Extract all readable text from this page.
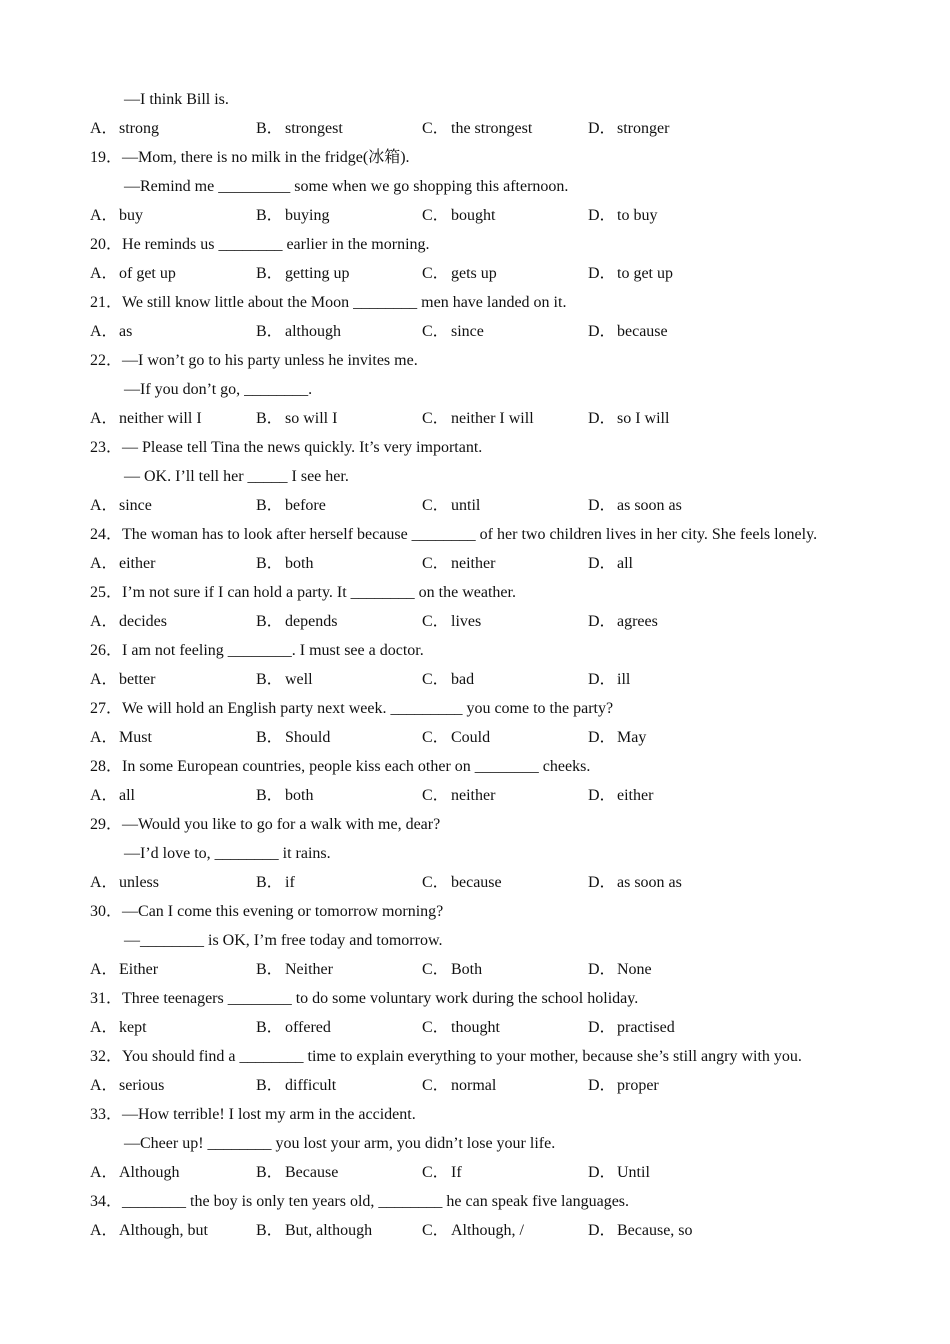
—I think Bill is.
A．strong	B． strongest	C． the strongest	D．stronger
19．—Mom, there is no milk in the fridge(冰箱).
—Remind me _________ some when we go shopping this afternoon.
A．buy	B． buying	C． bought	D．to buy
20．He reminds us ________ earlier in the morning.
A．of get up	B． getting up	C． gets up	D．to get up
21．We still know little about the Moon ________ men have landed on it.
A．as	B． although	C． since	D．because
22．—I won’t go to his party unless he invites me.
—If you don’t go, ________.
A．neither will I	B． so will I	C． neither I will	D．so I will
23．— Please tell Tina the news quickly. It’s very important.
— OK. I’ll tell her _____ I see her.
A．since	B． before	C． until	D．as soon as
24．The woman has to look after herself because ________ of her two children lives in her city. She feels lonely.
A．either	B． both	C． neither	D．all
25．I’m not sure if I can hold a party. It ________ on the weather.
A．decides	B． depends	C． lives	D．agrees
26．I am not feeling ________. I must see a doctor.
A．better	B． well	C． bad	D．ill
27．We will hold an English party next week. _________ you come to the party?
A．Must	B． Should	C． Could	D．May
28．In some European countries, people kiss each other on ________ cheeks.
A．all	B． both	C． neither	D．either
29．—Would you like to go for a walk with me, dear?
—I’d love to, ________ it rains.
A．unless	B． if	C． because	D．as soon as
30．—Can I come this evening or tomorrow morning?
—________ is OK, I’m free today and tomorrow.
A．Either	B． Neither	C． Both	D．None
31．Three teenagers ________ to do some voluntary work during the school holiday.
A．kept	B． offered	C． thought	D．practised
32．You should find a ________ time to explain everything to your mother, because she’s still angry with you.
A．serious	B． difficult	C． normal	D．proper
33．—How terrible! I lost my arm in the accident.
—Cheer up! ________ you lost your arm, you didn’t lose your life.
A．Although	B． Because	C． If	D．Until
34．________ the boy is only ten years old, ________ he can speak five languages.
A．Although, but	B． But, although	C． Although, /	D．Because, so
